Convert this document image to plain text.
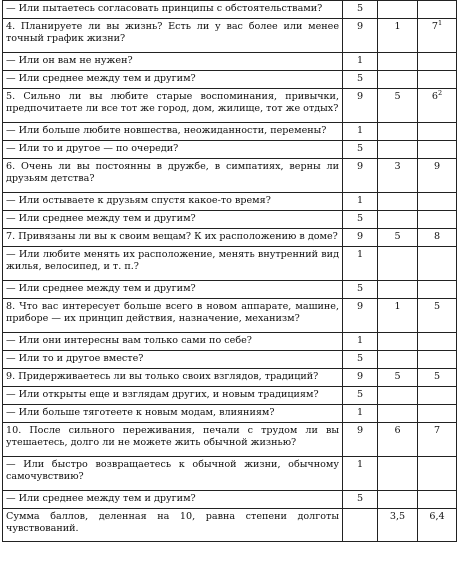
— Или пытаетесь согласовать принципы с обстоятельствами?	5		
4. Планируете ли вы жизнь? Есть ли у вас более или менее точный график жизни?	9	1	$7^1$
— Или он вам не нужен?	1		
— Или среднее между тем и другим?	5		
5. Сильно ли вы любите старые воспоминания, привычки, предпочитаете ли все тот же город, дом, жилище, тот же отдых?	9	5	$6^2$
— Или больше любите новшества, неожиданности, перемены?	1		
— Или то и другое — по очереди?	5		
6. Очень ли вы постоянны в дружбе, в симпатиях, верны ли друзьям детства?	9	3	9
— Или остываете к друзьям спустя какое-то время?	1		
— Или среднее между тем и другим?	5		
7. Привязаны ли вы к своим вещам? К их расположению в доме?	9	5	8
— Или любите менять их расположение, менять внутренний вид жилья, велосипед, и т. п.?	1		
— Или среднее между тем и другим?	5		
8. Что вас интересует больше всего в новом аппарате, машине, приборе — их принцип действия, назначение, механизм?	9	1	5
— Или они интересны вам только сами по себе?	1		
— Или то и другое вместе?	5		
9. Придерживаетесь ли вы только своих взглядов, традиций?	9	5	5
— Или открыты еще и взглядам других, и новым традициям?	5		
— Или больше тяготеете к новым модам, влияниям?	1		
10. После сильного переживания, печали с трудом ли вы утешаетесь, долго ли не можете жить обычной жизнью?	9	6	7
— Или быстро возвращаетесь к обычной жизни, обычному самочувствию?	1		
— Или среднее между тем и другим?	5		
Сумма баллов, деленная на 10, равна степени долготы чувствований.		3,5	6,4
